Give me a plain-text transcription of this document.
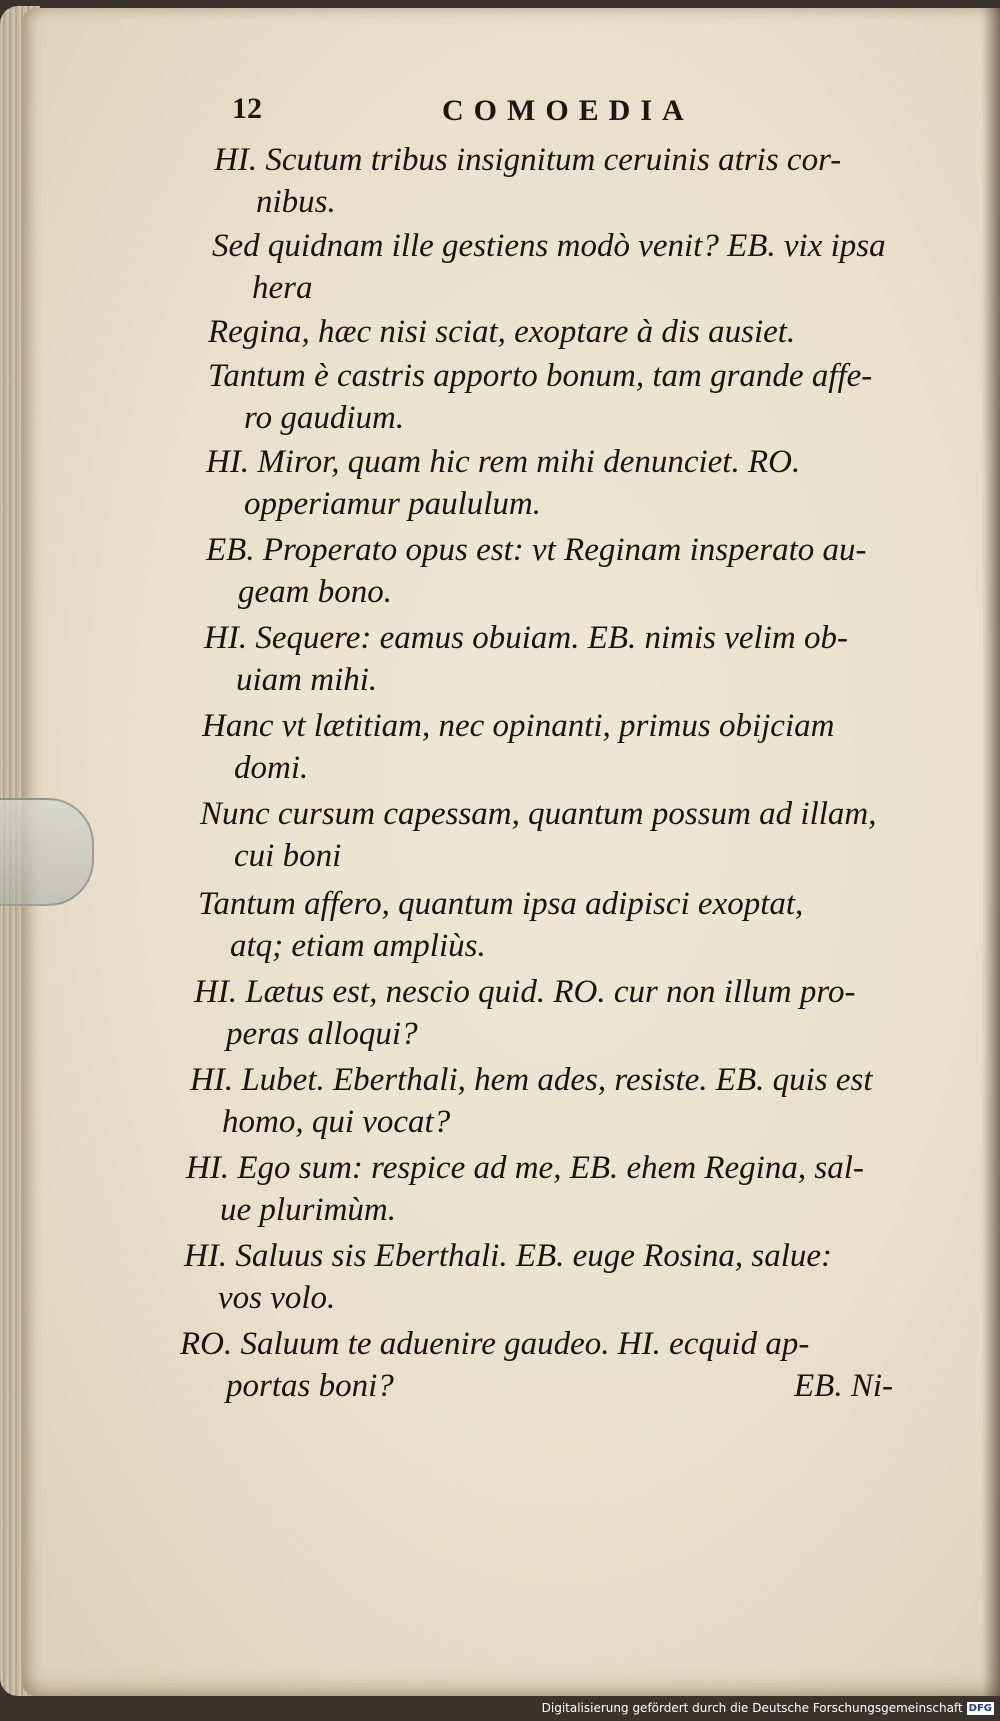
12	COMOEDIA
HI. Scutum tribus insignitum ceruinis atris cor-
nibus.
Sed quidnam ille gestiens modò venit? EB. vix ipsa
hera
Regina, hæc nisi sciat, exoptare à dis ausiet.
Tantum è castris apporto bonum, tam grande affe-
ro gaudium.
HI. Miror, quam hic rem mihi denunciet. RO.
opperiamur paululum.
EB. Properato opus est: vt Reginam insperato au-
geam bono.
HI. Sequere: eamus obuiam. EB. nimis velim ob-
uiam mihi.
Hanc vt lætitiam, nec opinanti, primus obijciam
domi.
Nunc cursum capessam, quantum possum ad illam,
cui boni
Tantum affero, quantum ipsa adipisci exoptat,
atq; etiam ampliùs.
HI. Lætus est, nescio quid. RO. cur non illum pro-
peras alloqui?
HI. Lubet. Eberthali, hem ades, resiste. EB. quis est
homo, qui vocat?
HI. Ego sum: respice ad me, EB. ehem Regina, sal-
ue plurimùm.
HI. Saluus sis Eberthali. EB. euge Rosina, salue:
vos volo.
RO. Saluum te aduenire gaudeo. HI. ecquid ap-
portas boni?	EB. Ni-
Digitalisierung gefördert durch die Deutsche Forschungsgemeinschaft DFG
